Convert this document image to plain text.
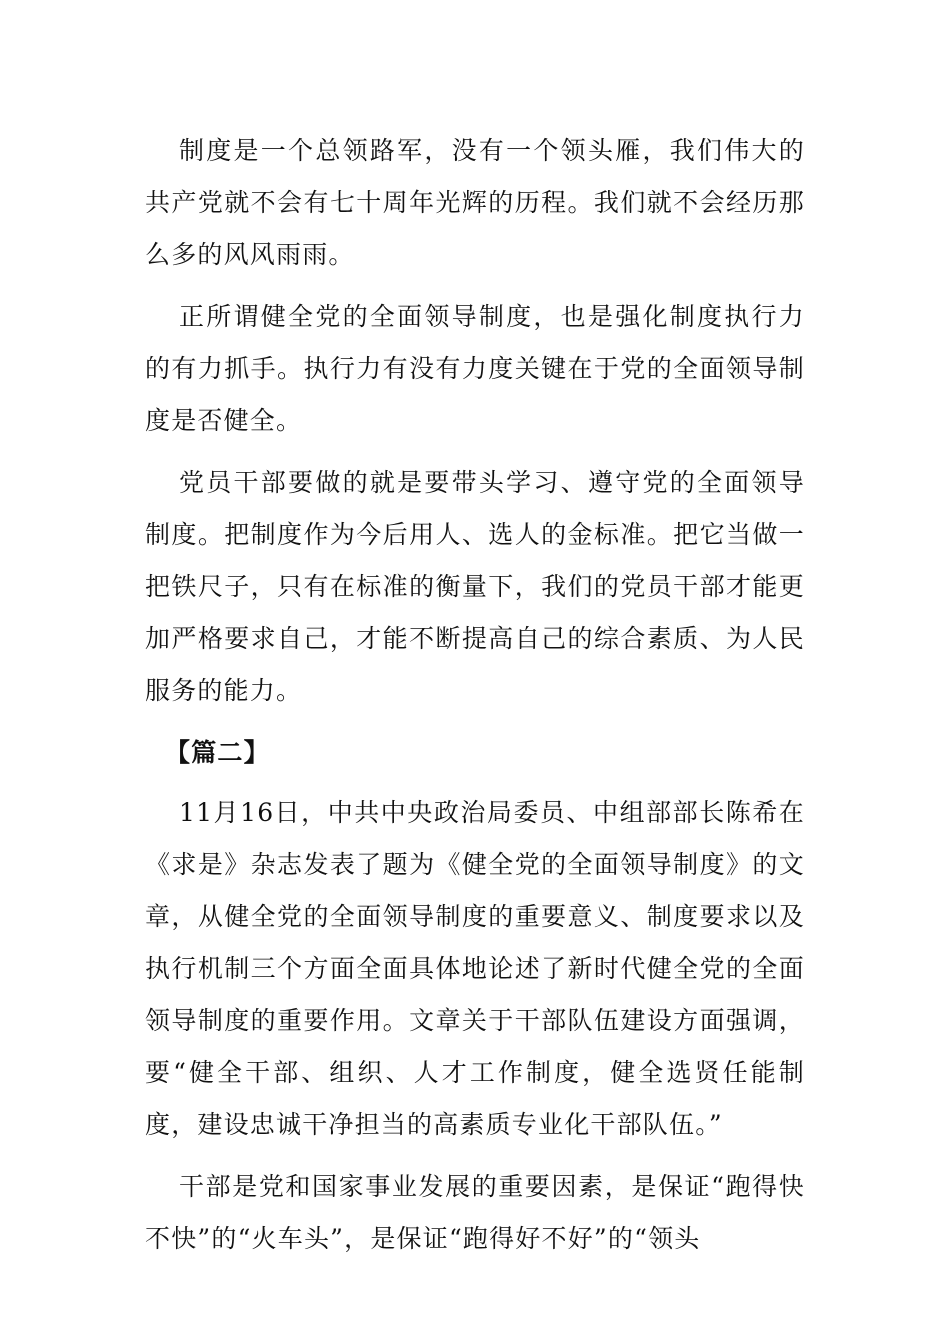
制度是一个总领路军，没有一个领头雁，我们伟大的共产党就不会有七十周年光辉的历程。我们就不会经历那么多的风风雨雨。

正所谓健全党的全面领导制度，也是强化制度执行力的有力抓手。执行力有没有力度关键在于党的全面领导制度是否健全。

党员干部要做的就是要带头学习、遵守党的全面领导制度。把制度作为今后用人、选人的金标准。把它当做一把铁尺子，只有在标准的衡量下，我们的党员干部才能更加严格要求自己，才能不断提高自己的综合素质、为人民服务的能力。

【篇二】

11月16日，中共中央政治局委员、中组部部长陈希在《求是》杂志发表了题为《健全党的全面领导制度》的文章，从健全党的全面领导制度的重要意义、制度要求以及执行机制三个方面全面具体地论述了新时代健全党的全面领导制度的重要作用。文章关于干部队伍建设方面强调，要“健全干部、组织、人才工作制度，健全选贤任能制度，建设忠诚干净担当的高素质专业化干部队伍。”

干部是党和国家事业发展的重要因素，是保证“跑得快不快”的“火车头”，是保证“跑得好不好”的“领头
